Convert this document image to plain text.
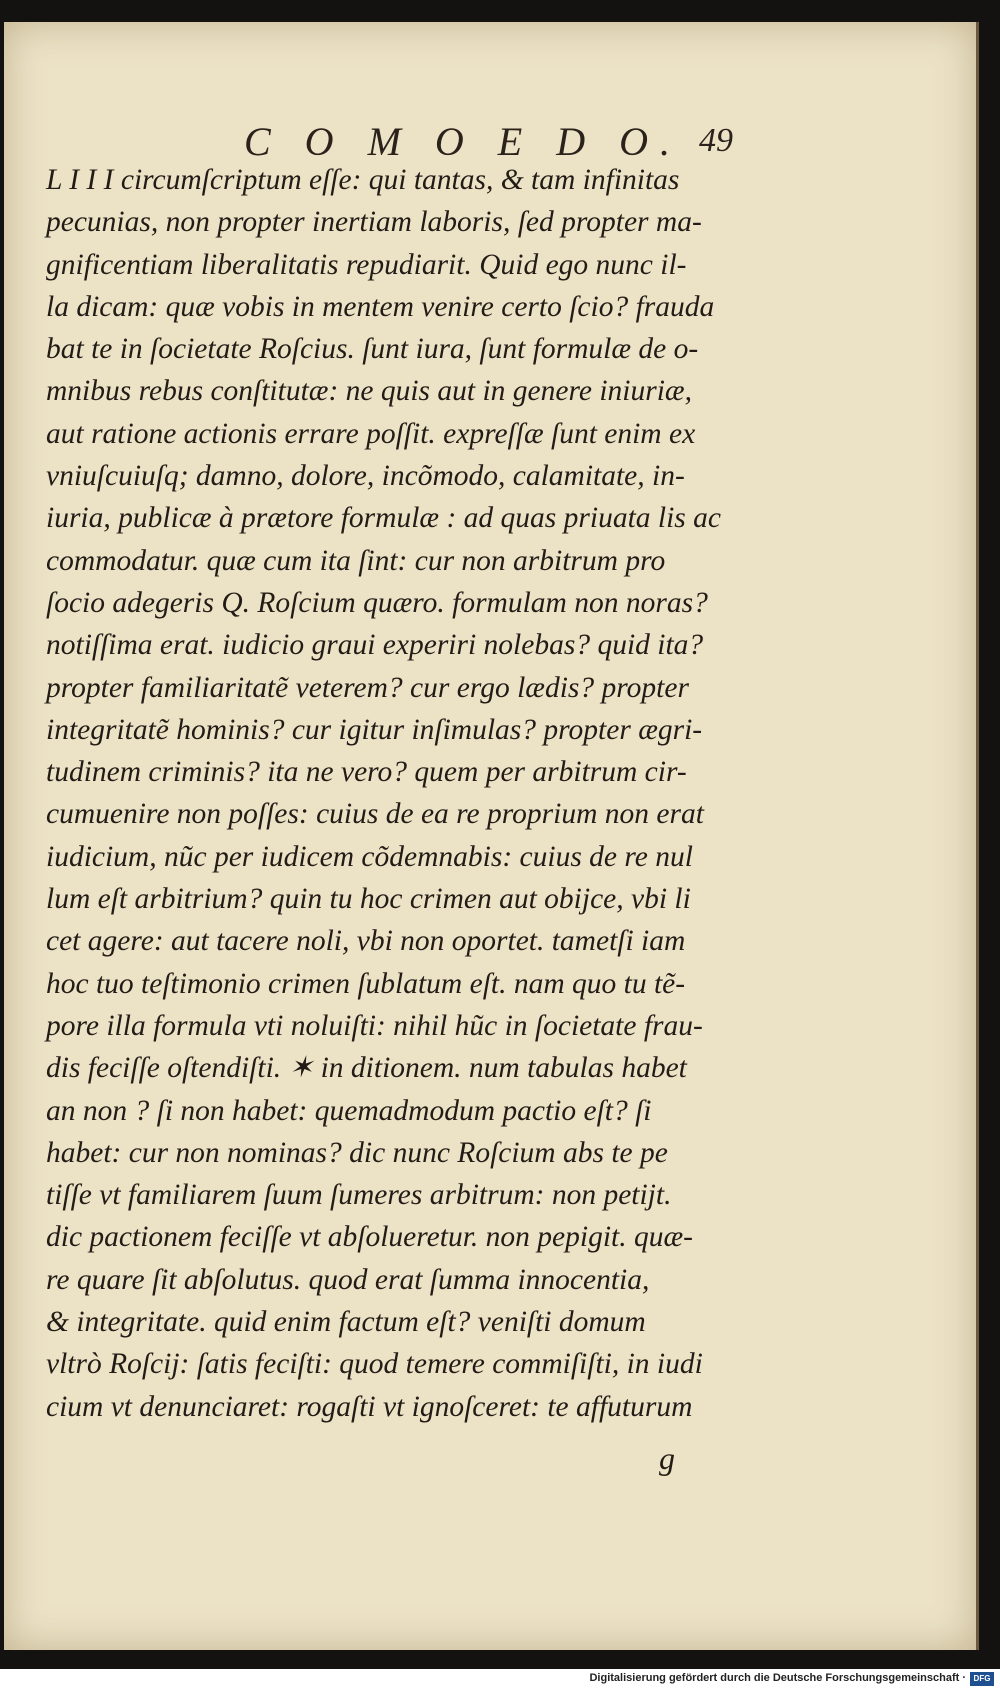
C O M O E D O. 49
L I I I circumſcriptum eſſe: qui tantas, & tam infinitas
pecunias, non propter inertiam laboris, ſed propter ma-
gnificentiam liberalitatis repudiarit. Quid ego nunc il-
la dicam: quæ vobis in mentem venire certo ſcio? frauda
bat te in ſocietate Roſcius. ſunt iura, ſunt formulæ de o-
mnibus rebus conſtitutæ: ne quis aut in genere iniuriæ,
aut ratione actionis errare poſſit. expreſſæ ſunt enim ex
vniuſcuiuſq; damno, dolore, incõmodo, calamitate, in-
iuria, publicæ à prætore formulæ : ad quas priuata lis ac
commodatur. quæ cum ita ſint: cur non arbitrum pro
ſocio adegeris Q. Roſcium quæro. formulam non noras?
notiſſima erat. iudicio graui experiri nolebas? quid ita?
propter familiaritatẽ veterem? cur ergo lædis? propter
integritatẽ hominis? cur igitur inſimulas? propter ægri-
tudinem criminis? ita ne vero? quem per arbitrum cir-
cumuenire non poſſes: cuius de ea re proprium non erat
iudicium, nũc per iudicem cõdemnabis: cuius de re nul
lum eſt arbitrium? quin tu hoc crimen aut obijce, vbi li
cet agere: aut tacere noli, vbi non oportet. tametſi iam
hoc tuo teſtimonio crimen ſublatum eſt. nam quo tu tẽ-
pore illa formula vti noluiſti: nihil hũc in ſocietate frau-
dis feciſſe oſtendiſti. ✶ in ditionem. num tabulas habet
an non ? ſi non habet: quemadmodum pactio eſt? ſi
habet: cur non nominas? dic nunc Roſcium abs te pe
tiſſe vt familiarem ſuum ſumeres arbitrum: non petijt.
dic pactionem feciſſe vt abſolueretur. non pepigit. quæ-
re quare ſit abſolutus. quod erat ſumma innocentia,
& integritate. quid enim factum eſt? veniſti domum
vltrò Roſcij: ſatis feciſti: quod temere commiſiſti, in iudi
cium vt denunciaret: rogaſti vt ignoſceret: te affuturum
g
Digitalisierung gefördert durch die Deutsche Forschungsgemeinschaft · DFG
